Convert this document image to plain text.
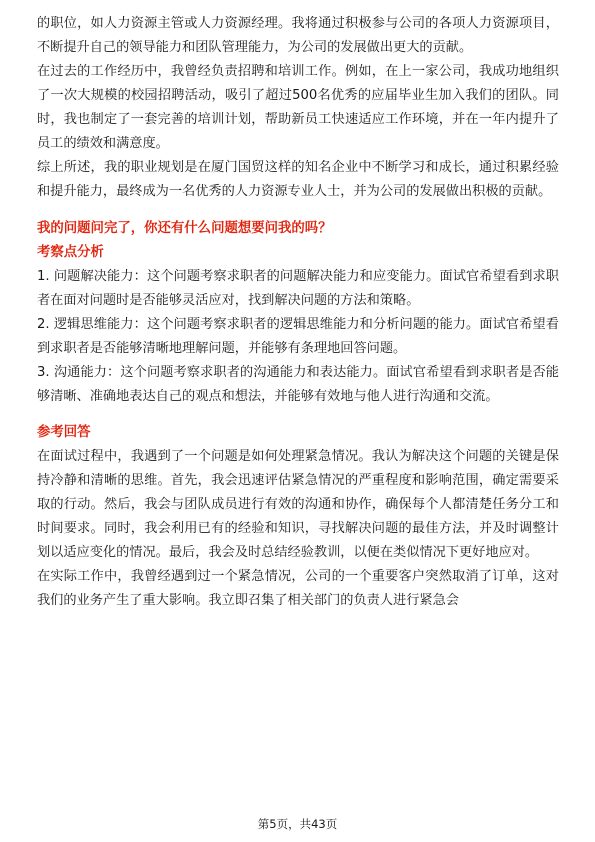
的职位，如人力资源主管或人力资源经理。我将通过积极参与公司的各项人力资源项目，不断提升自己的领导能力和团队管理能力，为公司的发展做出更大的贡献。

在过去的工作经历中，我曾经负责招聘和培训工作。例如，在上一家公司，我成功地组织了一次大规模的校园招聘活动，吸引了超过500名优秀的应届毕业生加入我们的团队。同时，我也制定了一套完善的培训计划，帮助新员工快速适应工作环境，并在一年内提升了员工的绩效和满意度。

综上所述，我的职业规划是在厦门国贸这样的知名企业中不断学习和成长，通过积累经验和提升能力，最终成为一名优秀的人力资源专业人士，并为公司的发展做出积极的贡献。

我的问题问完了，你还有什么问题想要问我的吗？
考察点分析

1. 问题解决能力：这个问题考察求职者的问题解决能力和应变能力。面试官希望看到求职者在面对问题时是否能够灵活应对，找到解决问题的方法和策略。

2. 逻辑思维能力：这个问题考察求职者的逻辑思维能力和分析问题的能力。面试官希望看到求职者是否能够清晰地理解问题，并能够有条理地回答问题。

3. 沟通能力：这个问题考察求职者的沟通能力和表达能力。面试官希望看到求职者是否能够清晰、准确地表达自己的观点和想法，并能够有效地与他人进行沟通和交流。

参考回答

在面试过程中，我遇到了一个问题是如何处理紧急情况。我认为解决这个问题的关键是保持冷静和清晰的思维。首先，我会迅速评估紧急情况的严重程度和影响范围，确定需要采取的行动。然后，我会与团队成员进行有效的沟通和协作，确保每个人都清楚任务分工和时间要求。同时，我会利用已有的经验和知识，寻找解决问题的最佳方法，并及时调整计划以适应变化的情况。最后，我会及时总结经验教训，以便在类似情况下更好地应对。

在实际工作中，我曾经遇到过一个紧急情况，公司的一个重要客户突然取消了订单，这对我们的业务产生了重大影响。我立即召集了相关部门的负责人进行紧急会

第5页，共43页
